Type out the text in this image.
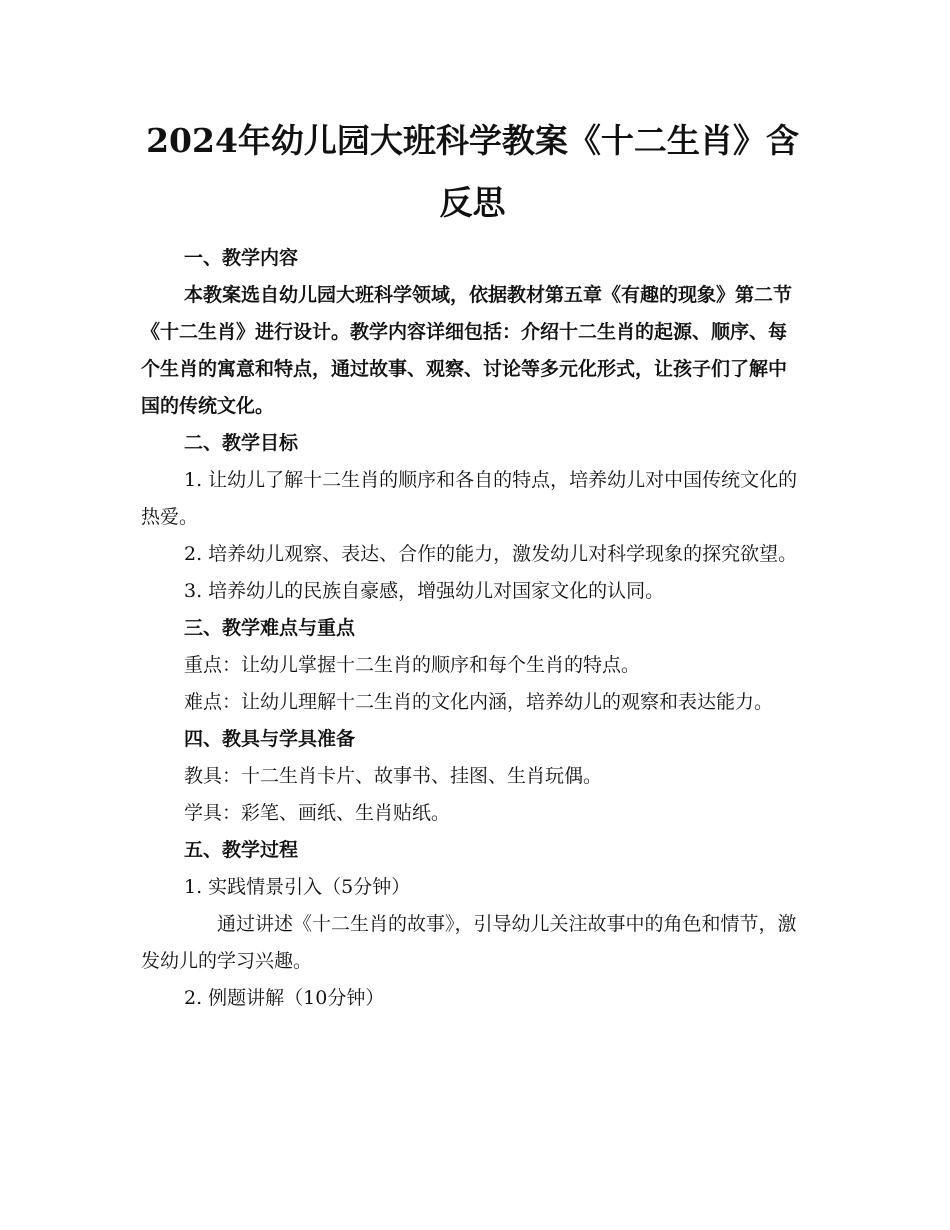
2024年幼儿园大班科学教案《十二生肖》含
反思

一、教学内容

本教案选自幼儿园大班科学领域，依据教材第五章《有趣的现象》第二节《十二生肖》进行设计。教学内容详细包括：介绍十二生肖的起源、顺序、每个生肖的寓意和特点，通过故事、观察、讨论等多元化形式，让孩子们了解中国的传统文化。

二、教学目标

1. 让幼儿了解十二生肖的顺序和各自的特点，培养幼儿对中国传统文化的热爱。

2. 培养幼儿观察、表达、合作的能力，激发幼儿对科学现象的探究欲望。

3. 培养幼儿的民族自豪感，增强幼儿对国家文化的认同。

三、教学难点与重点

重点：让幼儿掌握十二生肖的顺序和每个生肖的特点。

难点：让幼儿理解十二生肖的文化内涵，培养幼儿的观察和表达能力。

四、教具与学具准备

教具：十二生肖卡片、故事书、挂图、生肖玩偶。

学具：彩笔、画纸、生肖贴纸。

五、教学过程

1. 实践情景引入（5分钟）

通过讲述《十二生肖的故事》，引导幼儿关注故事中的角色和情节，激发幼儿的学习兴趣。

2. 例题讲解（10分钟）
